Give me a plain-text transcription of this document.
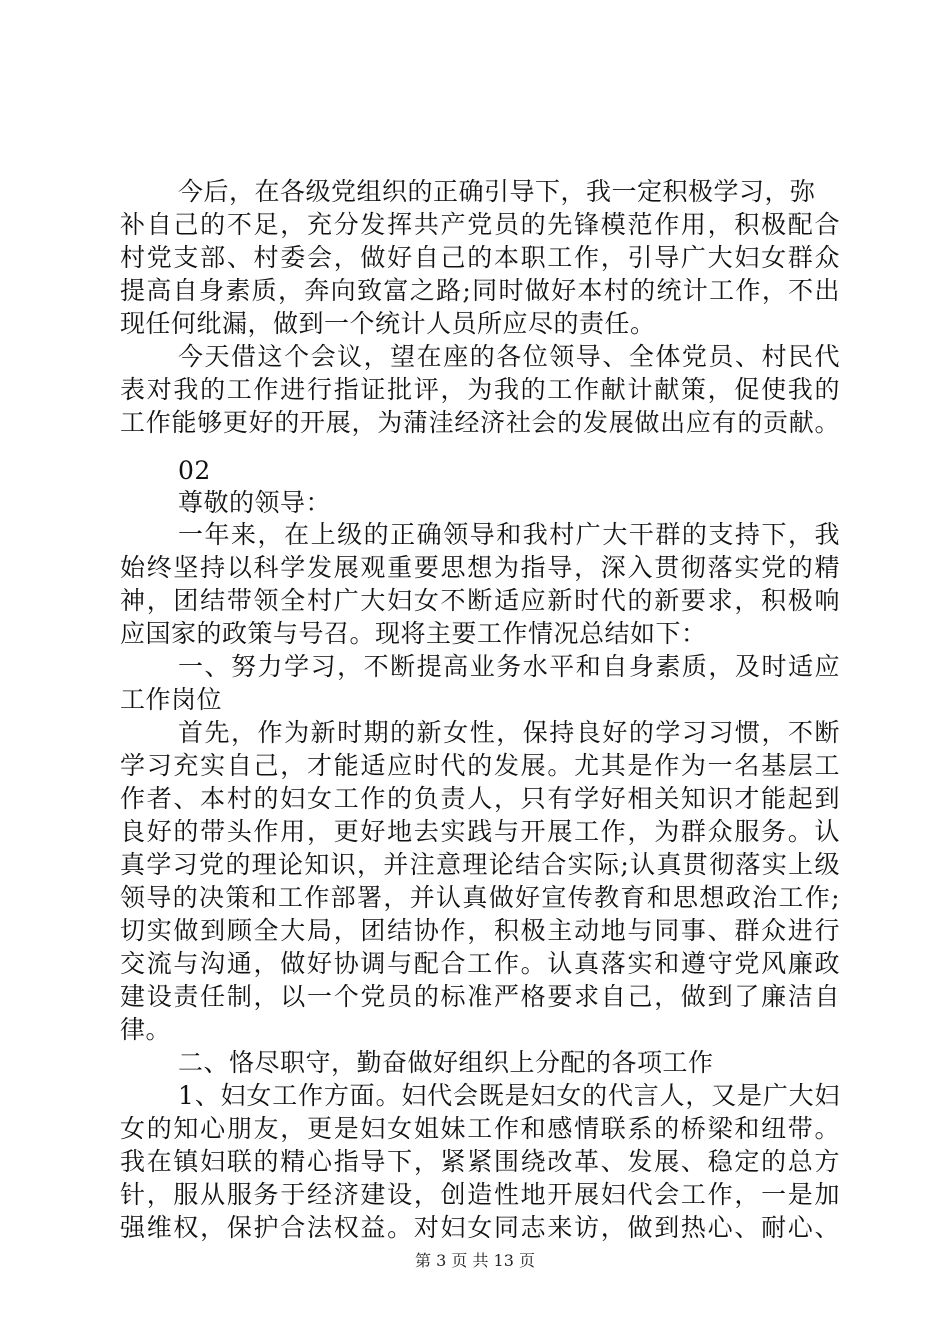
今后，在各级党组织的正确引导下，我一定积极学习，弥
补自己的不足，充分发挥共产党员的先锋模范作用，积极配合
村党支部、村委会，做好自己的本职工作，引导广大妇女群众
提高自身素质，奔向致富之路;同时做好本村的统计工作，不出
现任何纰漏，做到一个统计人员所应尽的责任。
今天借这个会议，望在座的各位领导、全体党员、村民代
表对我的工作进行指证批评，为我的工作献计献策，促使我的
工作能够更好的开展，为蒲洼经济社会的发展做出应有的贡献。
02
尊敬的领导：
一年来，在上级的正确领导和我村广大干群的支持下，我
始终坚持以科学发展观重要思想为指导，深入贯彻落实党的精
神，团结带领全村广大妇女不断适应新时代的新要求，积极响
应国家的政策与号召。现将主要工作情况总结如下：
一、努力学习，不断提高业务水平和自身素质，及时适应
工作岗位
首先，作为新时期的新女性，保持良好的学习习惯，不断
学习充实自己，才能适应时代的发展。尤其是作为一名基层工
作者、本村的妇女工作的负责人，只有学好相关知识才能起到
良好的带头作用，更好地去实践与开展工作，为群众服务。认
真学习党的理论知识，并注意理论结合实际;认真贯彻落实上级
领导的决策和工作部署，并认真做好宣传教育和思想政治工作;
切实做到顾全大局，团结协作，积极主动地与同事、群众进行
交流与沟通，做好协调与配合工作。认真落实和遵守党风廉政
建设责任制，以一个党员的标准严格要求自己，做到了廉洁自
律。
二、恪尽职守，勤奋做好组织上分配的各项工作
1、妇女工作方面。妇代会既是妇女的代言人，又是广大妇
女的知心朋友，更是妇女姐妹工作和感情联系的桥梁和纽带。
我在镇妇联的精心指导下，紧紧围绕改革、发展、稳定的总方
针，服从服务于经济建设，创造性地开展妇代会工作，一是加
强维权，保护合法权益。对妇女同志来访，做到热心、耐心、
第 3 页 共 13 页
